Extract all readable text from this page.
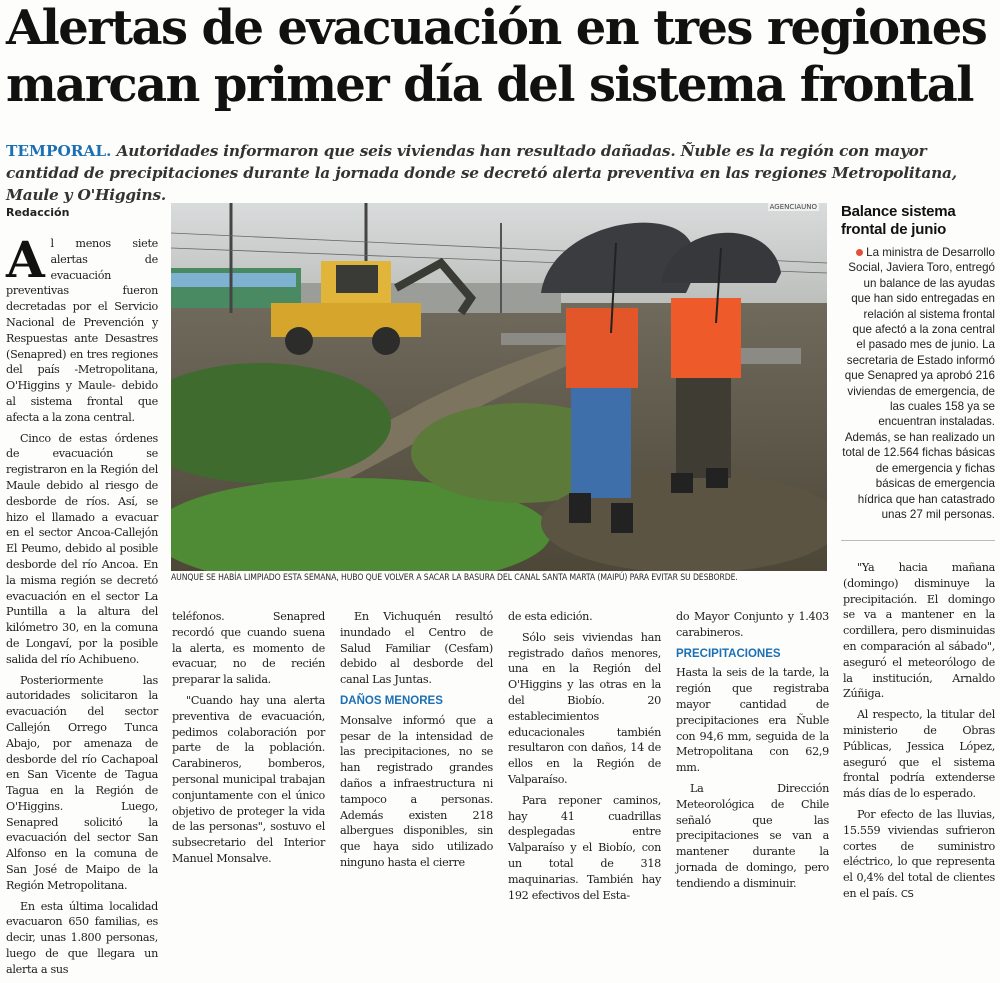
Alertas de evacuación en tres regiones marcan primer día del sistema frontal

TEMPORAL. Autoridades informaron que seis viviendas han resultado dañadas. Ñuble es la región con mayor cantidad de precipitaciones durante la jornada donde se decretó alerta preventiva en las regiones Metropolitana, Maule y O'Higgins.

Redacción

Al menos siete alertas de evacuación preventivas fueron decretadas por el Servicio Nacional de Prevención y Respuestas ante Desastres (Senapred) en tres regiones del país -Metropolitana, O'Higgins y Maule- debido al sistema frontal que afecta a la zona central.

Cinco de estas órdenes de evacuación se registraron en la Región del Maule debido al riesgo de desborde de ríos. Así, se hizo el llamado a evacuar en el sector Ancoa-Callejón El Peumo, debido al posible desborde del río Ancoa. En la misma región se decretó evacuación en el sector La Puntilla a la altura del kilómetro 30, en la comuna de Longaví, por la posible salida del río Achibueno.

Posteriormente las autoridades solicitaron la evacuación del sector Callejón Orrego Tunca Abajo, por amenaza de desborde del río Cachapoal en San Vicente de Tagua Tagua en la Región de O'Higgins. Luego, Senapred solicitó la evacuación del sector San Alfonso en la comuna de San José de Maipo de la Región Metropolitana.

En esta última localidad evacuaron 650 familias, es decir, unas 1.800 personas, luego de que llegara un alerta a sus

AGENCIAUNO
AUNQUE SE HABÍA LIMPIADO ESTA SEMANA, HUBO QUE VOLVER A SACAR LA BASURA DEL CANAL SANTA MARTA (MAIPÚ) PARA EVITAR SU DESBORDE.
Balance sistema frontal de junio

La ministra de Desarrollo Social, Javiera Toro, entregó un balance de las ayudas que han sido entregadas en relación al sistema frontal que afectó a la zona central el pasado mes de junio. La secretaria de Estado informó que Senapred ya aprobó 216 viviendas de emergencia, de las cuales 158 ya se encuentran instaladas. Además, se han realizado un total de 12.564 fichas básicas de emergencia y fichas básicas de emergencia hídrica que han catastrado unas 27 mil personas.

teléfonos. Senapred recordó que cuando suena la alerta, es momento de evacuar, no de recién preparar la salida.

"Cuando hay una alerta preventiva de evacuación, pedimos colaboración por parte de la población. Carabineros, bomberos, personal municipal trabajan conjuntamente con el único objetivo de proteger la vida de las personas", sostuvo el subsecretario del Interior Manuel Monsalve.

En Vichuquén resultó inundado el Centro de Salud Familiar (Cesfam) debido al desborde del canal Las Juntas.

DAÑOS MENORES

Monsalve informó que a pesar de la intensidad de las precipitaciones, no se han registrado grandes daños a infraestructura ni tampoco a personas. Además existen 218 albergues disponibles, sin que haya sido utilizado ninguno hasta el cierre

de esta edición.

Sólo seis viviendas han registrado daños menores, una en la Región del O'Higgins y las otras en la del Biobío. 20 establecimientos educacionales también resultaron con daños, 14 de ellos en la Región de Valparaíso.

Para reponer caminos, hay 41 cuadrillas desplegadas entre Valparaíso y el Biobío, con un total de 318 maquinarias. También hay 192 efectivos del Esta-

do Mayor Conjunto y 1.403 carabineros.

PRECIPITACIONES

Hasta la seis de la tarde, la región que registraba mayor cantidad de precipitaciones era Ñuble con 94,6 mm, seguida de la Metropolitana con 62,9 mm.

La Dirección Meteorológica de Chile señaló que las precipitaciones se van a mantener durante la jornada de domingo, pero tendiendo a disminuir.

"Ya hacia mañana (domingo) disminuye la precipitación. El domingo se va a mantener en la cordillera, pero disminuidas en comparación al sábado", aseguró el meteorólogo de la institución, Arnaldo Zúñiga.

Al respecto, la titular del ministerio de Obras Públicas, Jessica López, aseguró que el sistema frontal podría extenderse más días de lo esperado.

Por efecto de las lluvias, 15.559 viviendas sufrieron cortes de suministro eléctrico, lo que representa el 0,4% del total de clientes en el país. CS
